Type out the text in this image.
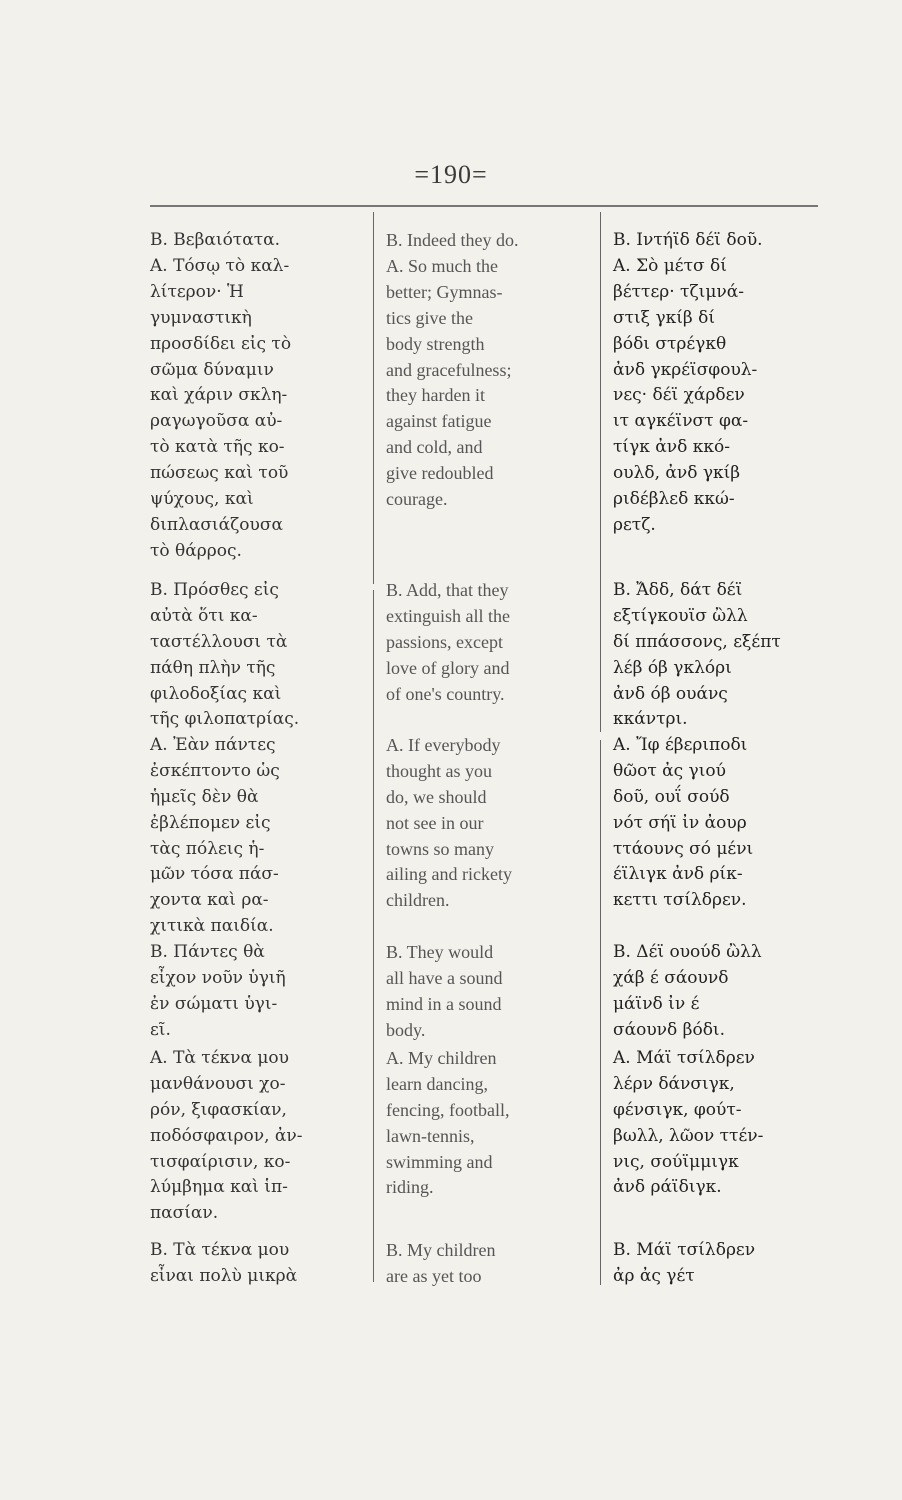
=190=
Β. Βεβαιότατα.
Α. Τόσῳ τὸ καλ-
λίτερον· Ἡ
γυμναστικὴ
προσδίδει εἰς τὸ
σῶμα δύναμιν
καὶ χάριν σκλη-
ραγωγοῦσα αὐ-
τὸ κατὰ τῆς κο-
πώσεως καὶ τοῦ
ψύχους, καὶ
διπλασιάζουσα
τὸ θάρρος.
Β. Πρόσθες εἰς
αὐτὰ ὅτι κα-
ταστέλλουσι τὰ
πάθη πλὴν τῆς
φιλοδοξίας καὶ
τῆς φιλοπατρίας.
Α. Ἐὰν πάντες
ἐσκέπτοντο ὡς
ἡμεῖς δὲν θὰ
ἐβλέπομεν εἰς
τὰς πόλεις ἡ-
μῶν τόσα πάσ-
χοντα καὶ ρα-
χιτικὰ παιδία.
Β. Πάντες θὰ
εἶχον νοῦν ὑγιῆ
ἐν σώματι ὑγι-
εῖ.
Α. Τὰ τέκνα μου
μανθάνουσι χο-
ρόν, ξιφασκίαν,
ποδόσφαιρον, ἀν-
τισφαίρισιν, κο-
λύμβημα καὶ ἱπ-
πασίαν.
Β. Τὰ τέκνα μου
εἶναι πολὺ μικρὰ
B. Indeed they do.
A. So much the
better; Gymnas-
tics give the
body strength
and gracefulness;
they harden it
against fatigue
and cold, and
give redoubled
courage.
B. Add, that they
extinguish all the
passions, except
love of glory and
of one's country.
A. If everybody
thought as you
do, we should
not see in our
towns so many
ailing and rickety
children.
B. They would
all have a sound
mind in a sound
body.
A. My children
learn dancing,
fencing, football,
lawn-tennis,
swimming and
riding.
B. My children
are as yet too
Β. Ιντήϊδ δέϊ δοῦ.
Α. Σὸ μέτσ δί
βέττερ· τζιμνά-
στιξ γκίβ δί
βόδι στρέγκθ
ἀνδ γκρέϊσφουλ-
νες· δέϊ χάρδεν
ιτ αγκέϊνστ φα-
τίγκ ἀνδ κκό-
ουλδ, ἀνδ γκίβ
ριδέβλεδ κκώ-
ρετζ.
Β. Ἄδδ, δάτ δέϊ
εξτίγκουϊσ ὢλλ
δί ππάσσονς, εξέπτ
λέβ όβ γκλόρι
ἀνδ όβ ουάνς
κκάντρι.
Α. Ἴφ έβεριποδι
θῶοτ ἀς γιού
δοῦ, ουΐ σούδ
νότ σήϊ ἰν ἀουρ
ττάουνς σό μένι
έϊλιγκ ἀνδ ρίκ-
κεττι τσίλδρεν.
Β. Δέϊ ουούδ ὢλλ
χάβ έ σάουνδ
μάϊνδ ἰν έ
σάουνδ βόδι.
Α. Μάϊ τσίλδρεν
λέρν δάνσιγκ,
φένσιγκ, φούτ-
βωλλ, λῶον ττέν-
νις, σούϊμμιγκ
ἀνδ ράϊδιγκ.
Β. Μάϊ τσίλδρεν
ἀρ ἀς γέτ
